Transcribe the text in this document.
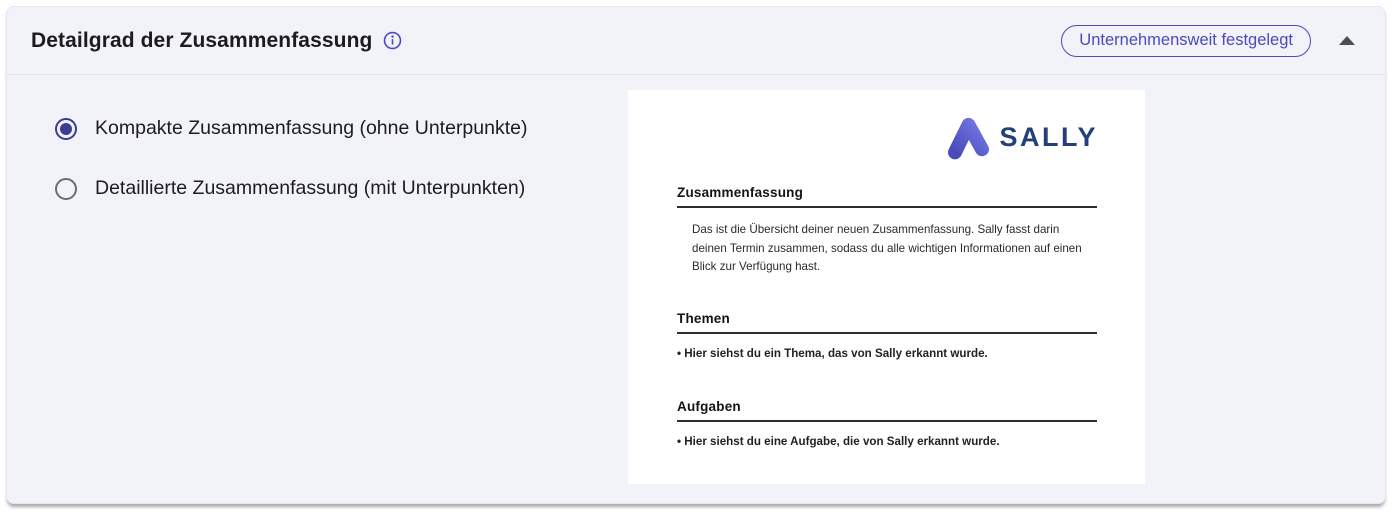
Detailgrad der Zusammenfassung	Unternehmensweit festgelegt
Kompakte Zusammenfassung (ohne Unterpunkte)
Detaillierte Zusammenfassung (mit Unterpunkten)
SALLY
Zusammenfassung

Das ist die Übersicht deiner neuen Zusammenfassung. Sally fasst darin deinen Termin zusammen, sodass du alle wichtigen Informationen auf einen Blick zur Verfügung hast.

Themen

• Hier siehst du ein Thema, das von Sally erkannt wurde.

Aufgaben

• Hier siehst du eine Aufgabe, die von Sally erkannt wurde.
